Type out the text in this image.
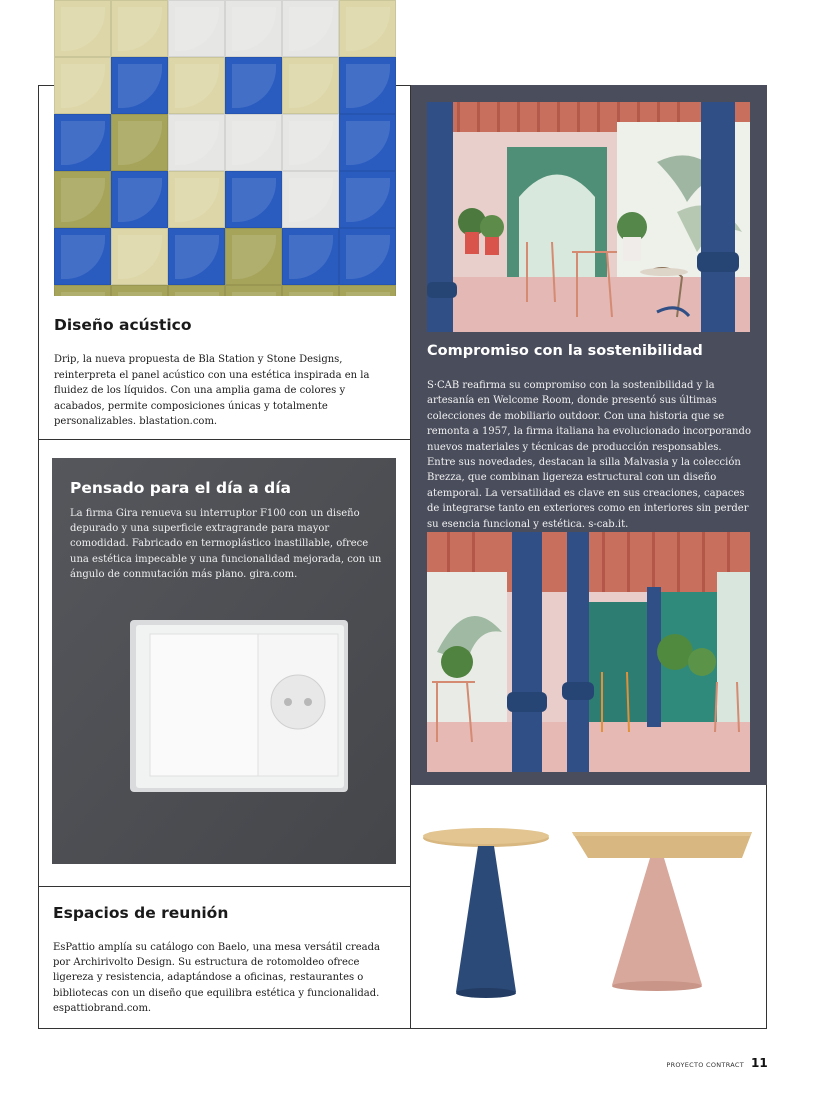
Diseño acústico
Drip, la nueva propuesta de Bla Station y Stone Designs, reinterpreta el panel acústico con una estética inspirada en la fluidez de los líquidos. Con una amplia gama de colores y acabados, permite composiciones únicas y totalmente personalizables. blastation.com.
Compromiso con la sostenibilidad
S·CAB reafirma su compromiso con la sostenibilidad y la artesanía en Welcome Room, donde presentó sus últimas colecciones de mobiliario outdoor. Con una historia que se remonta a 1957, la firma italiana ha evolucionado incorporando nuevos materiales y técnicas de producción responsables. Entre sus novedades, destacan la silla Malvasia y la colección Brezza, que combinan ligereza estructural con un diseño atemporal. La versatilidad es clave en sus creaciones, capaces de integrarse tanto en exteriores como en interiores sin perder su esencia funcional y estética. s-cab.it.
Pensado para el día a día
La firma Gira renueva su interruptor F100 con un diseño depurado y una superficie extragrande para mayor comodidad. Fabricado en termoplástico inastillable, ofrece una estética impecable y una funcionalidad mejorada, con un ángulo de conmutación más plano. gira.com.
Espacios de reunión
EsPattio amplía su catálogo con Baelo, una mesa versátil creada por Archirivolto Design. Su estructura de rotomoldeo ofrece ligereza y resistencia, adaptándose a oficinas, restaurantes o bibliotecas con un diseño que equilibra estética y funcionalidad. espattiobrand.com.
PROYECTO CONTRACT 11
